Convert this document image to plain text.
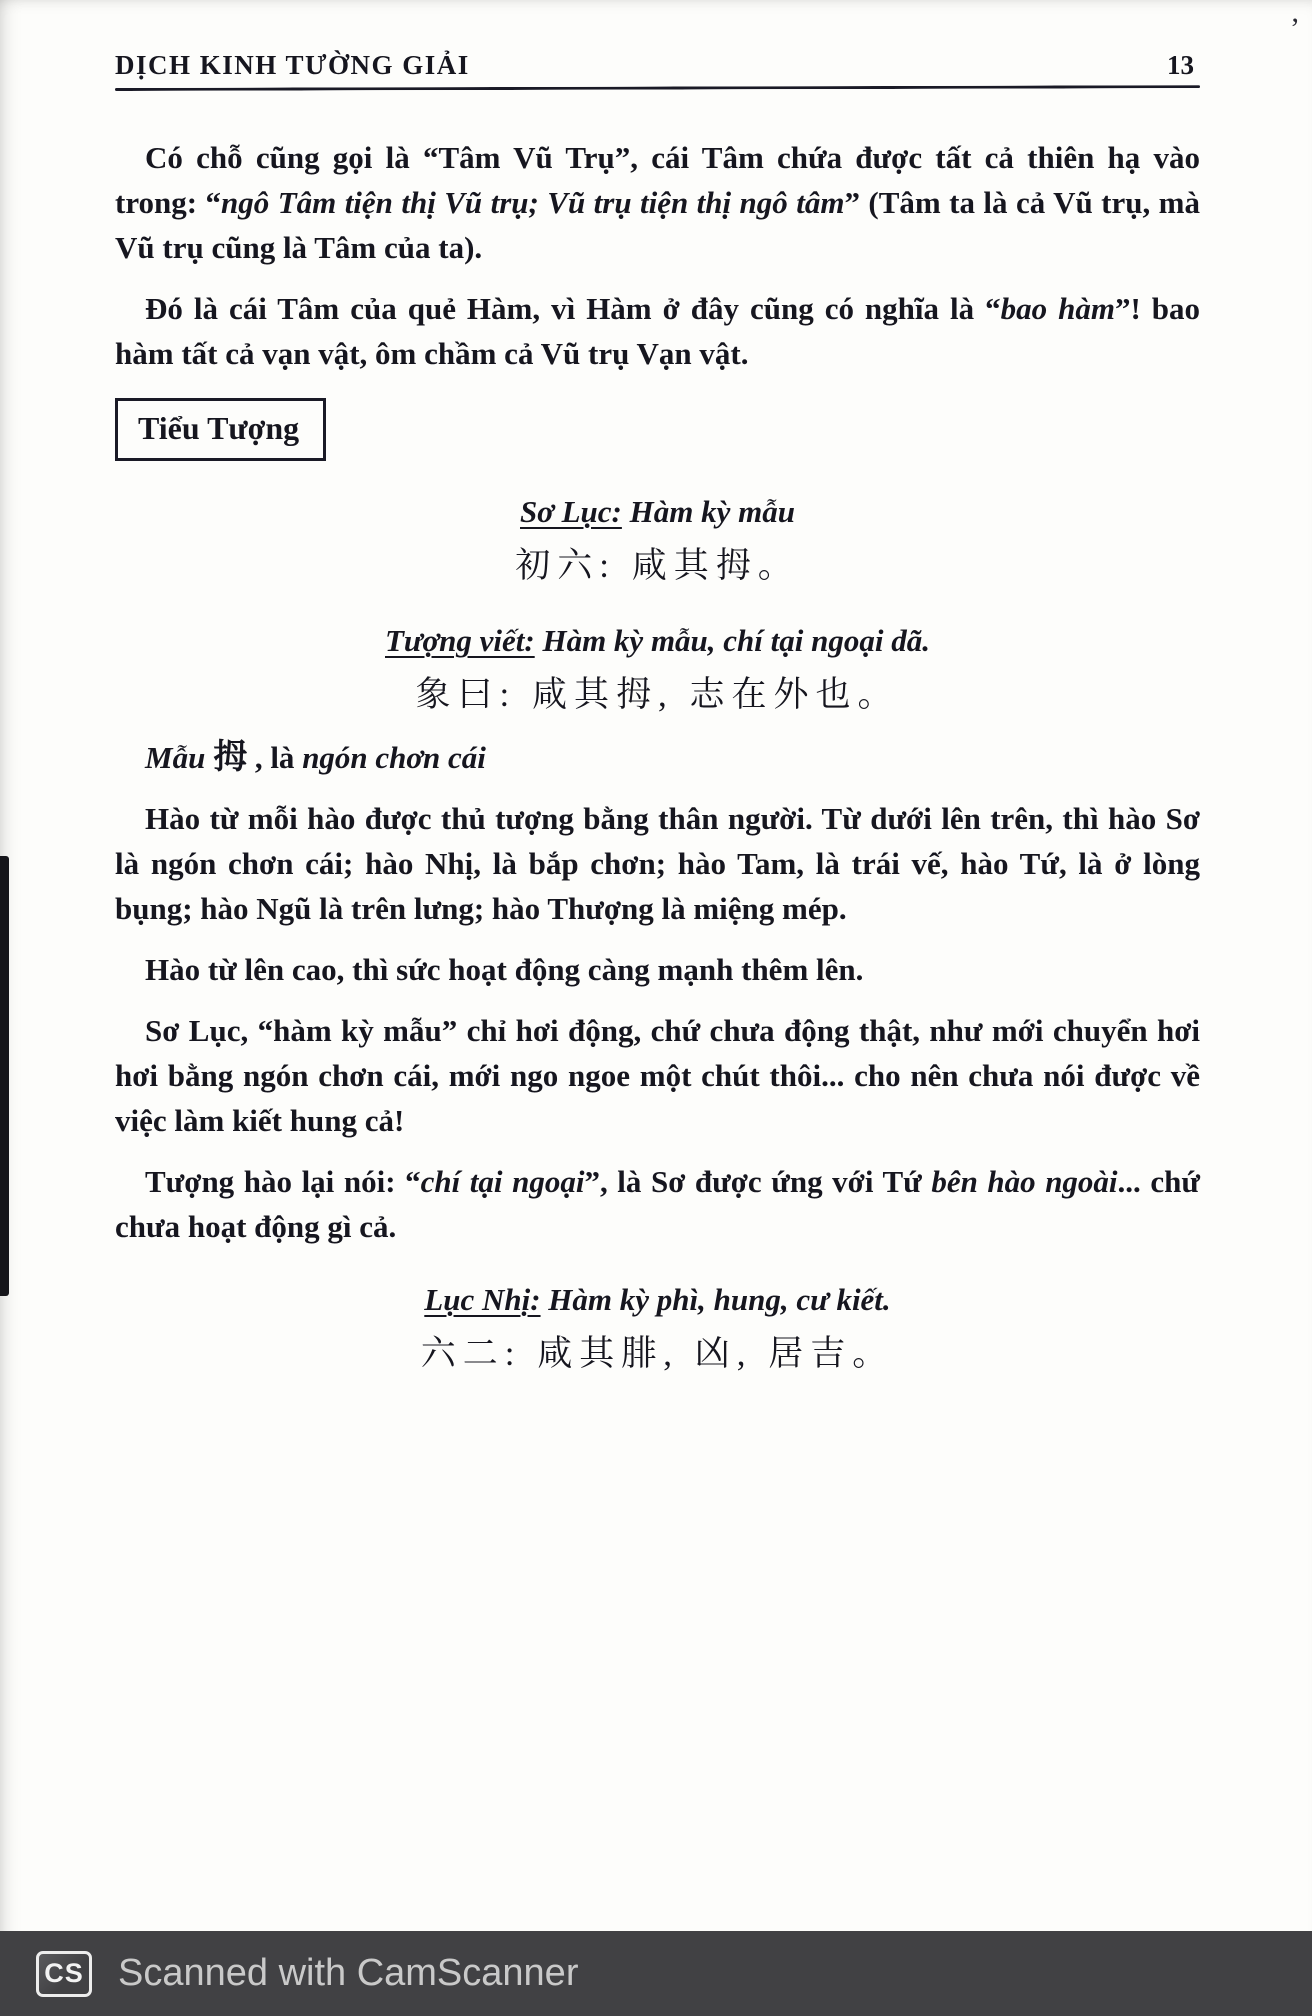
’
DỊCH KINH TƯỜNG GIẢI	13
Có chỗ cũng gọi là “Tâm Vũ Trụ”, cái Tâm chứa được tất cả thiên hạ vào trong: “ngô Tâm tiện thị Vũ trụ; Vũ trụ tiện thị ngô tâm” (Tâm ta là cả Vũ trụ, mà Vũ trụ cũng là Tâm của ta).
Đó là cái Tâm của quẻ Hàm, vì Hàm ở đây cũng có nghĩa là “bao hàm”! bao hàm tất cả vạn vật, ôm chầm cả Vũ trụ Vạn vật.
Tiểu Tượng
Sơ Lục: Hàm kỳ mẫu
初六: 咸其拇。
Tượng viết: Hàm kỳ mẫu, chí tại ngoại dã.
象曰: 咸其拇, 志在外也。
Mẫu 拇 , là ngón chơn cái
Hào từ mỗi hào được thủ tượng bằng thân người. Từ dưới lên trên, thì hào Sơ là ngón chơn cái; hào Nhị, là bắp chơn; hào Tam, là trái vế, hào Tứ, là ở lòng bụng; hào Ngũ là trên lưng; hào Thượng là miệng mép.
Hào từ lên cao, thì sức hoạt động càng mạnh thêm lên.
Sơ Lục, “hàm kỳ mẫu” chỉ hơi động, chứ chưa động thật, như mới chuyển hơi hơi bằng ngón chơn cái, mới ngo ngoe một chút thôi... cho nên chưa nói được về việc làm kiết hung cả!
Tượng hào lại nói: “chí tại ngoại”, là Sơ được ứng với Tứ bên hào ngoài... chứ chưa hoạt động gì cả.
Lục Nhị: Hàm kỳ phì, hung, cư kiết.
六二: 咸其腓, 凶, 居吉。
CS Scanned with CamScanner
